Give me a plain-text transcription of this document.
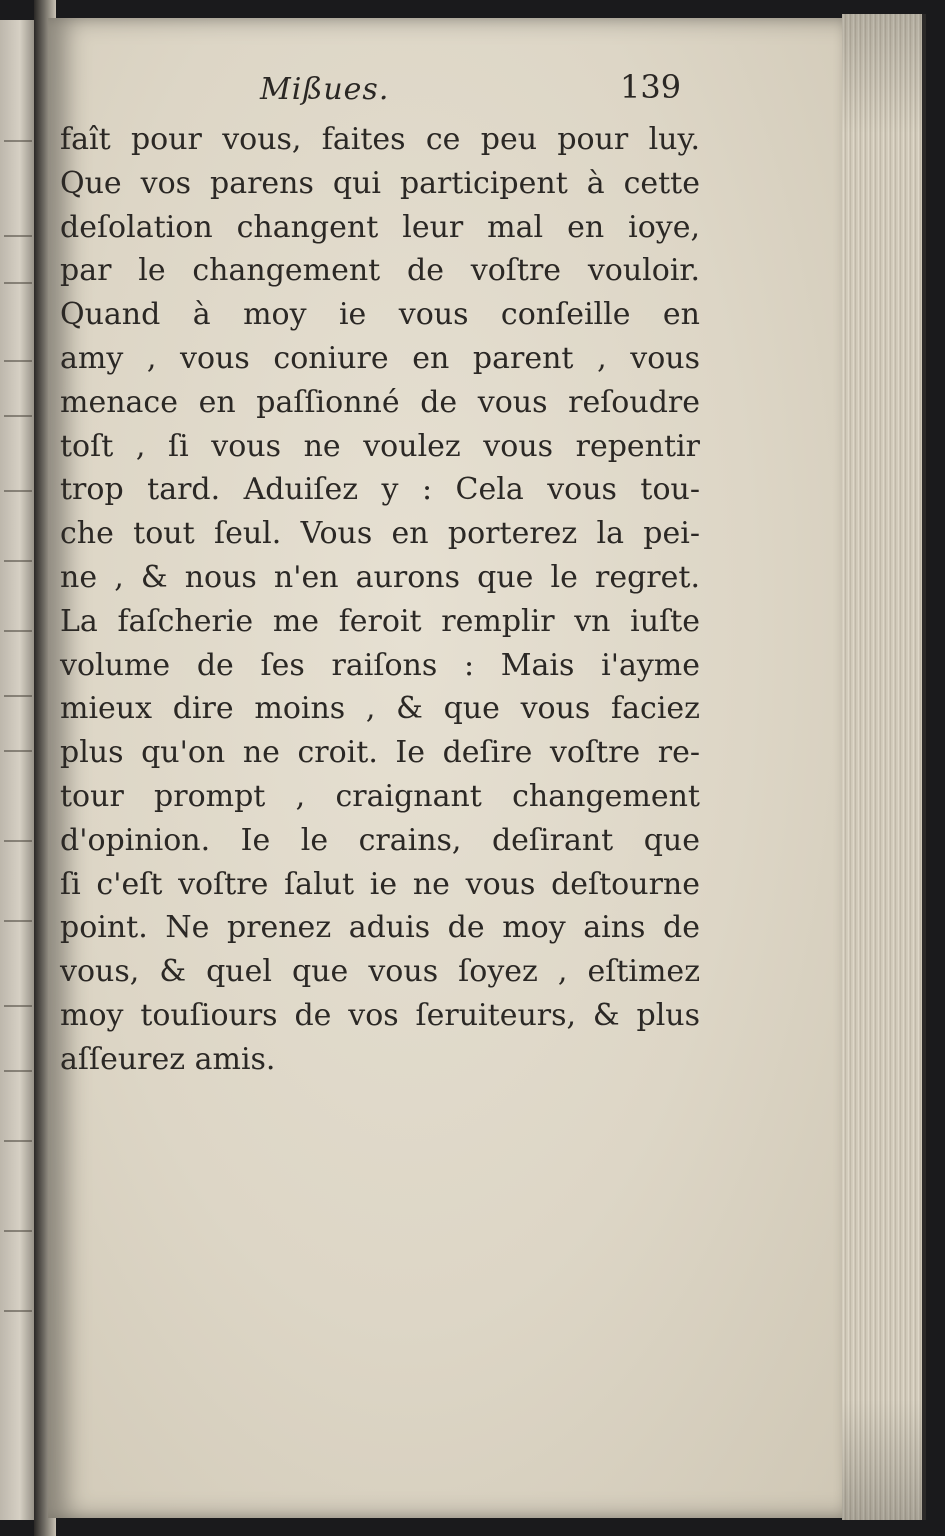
Mißues.	139
faît pour vous, faites ce peu pour luy.
Que vos parens qui participent à cette
deſolation changent leur mal en ioye,
par le changement de voſtre vouloir.
Quand à moy ie vous conſeille en
amy , vous coniure en parent , vous
menace en paſſionné de vous reſoudre
toſt , ſi vous ne voulez vous repentir
trop tard. Aduiſez y : Cela vous tou-
che tout ſeul. Vous en porterez la pei-
ne , & nous n'en aurons que le regret.
La faſcherie me feroit remplir vn iuſte
volume de ſes raiſons : Mais i'ayme
mieux dire moins , & que vous faciez
plus qu'on ne croit. Ie deſire voſtre re-
tour prompt , craignant changement
d'opinion. Ie le crains, deſirant que
ſi c'eſt voſtre ſalut ie ne vous deſtourne
point. Ne prenez aduis de moy ains de
vous, & quel que vous ſoyez , eſtimez
moy touſiours de vos ſeruiteurs, & plus
aſſeurez amis.
